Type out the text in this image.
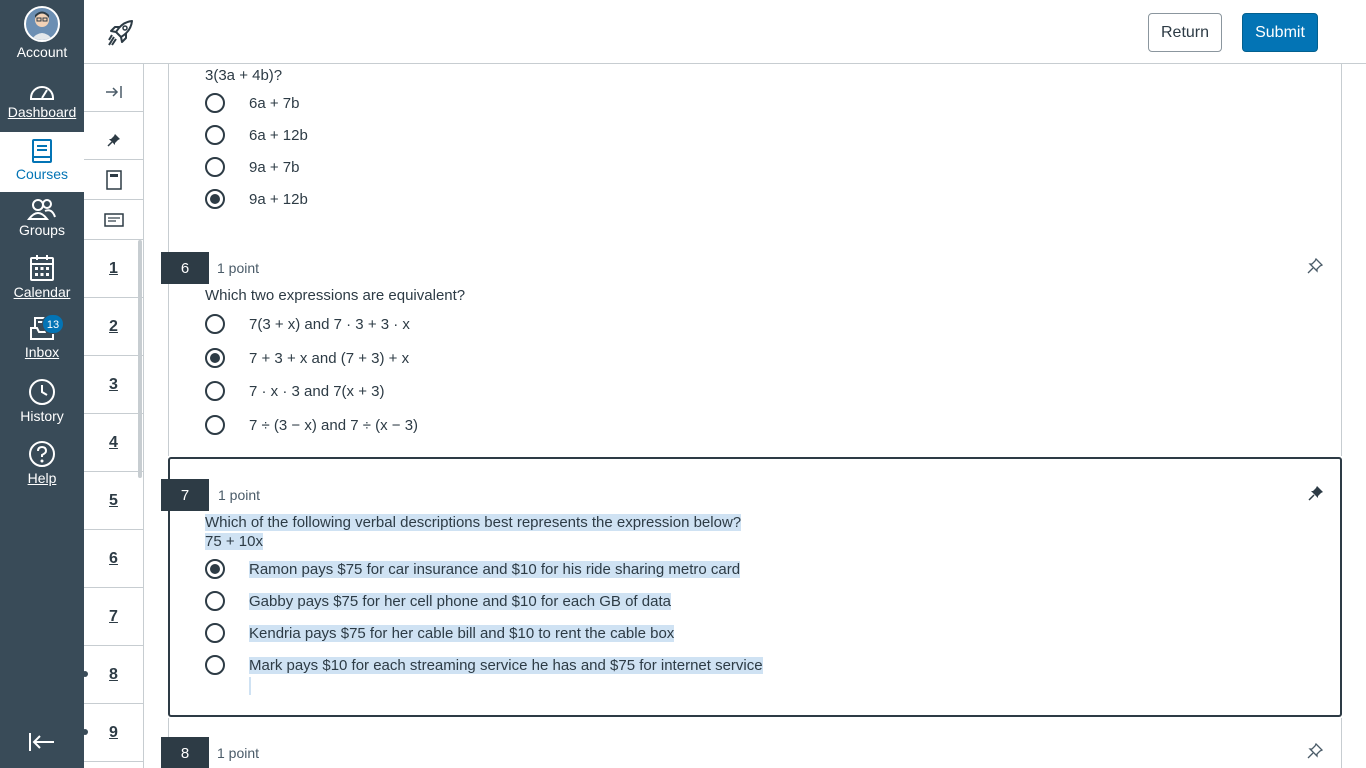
Account
Dashboard
Courses
Groups
Calendar
13
Inbox
History
Help
Return	Submit
1
2
3
4
5
6
7
8
9
3(3a + 4b)?
6a + 7b
6a + 12b
9a + 7b
9a + 12b
6	1 point
Which two expressions are equivalent?
7(3 + x) and 7 · 3 + 3 · x
7 + 3 + x and (7 + 3) + x
7 · x · 3 and 7(x + 3)
7 ÷ (3 − x) and 7 ÷ (x − 3)
7	1 point
Which of the following verbal descriptions best represents the expression below?
75 + 10x
Ramon pays $75 for car insurance and $10 for his ride sharing metro card
Gabby pays $75 for her cell phone and $10 for each GB of data
Kendria pays $75 for her cable bill and $10 to rent the cable box
Mark pays $10 for each streaming service he has and $75 for internet service
8	1 point
